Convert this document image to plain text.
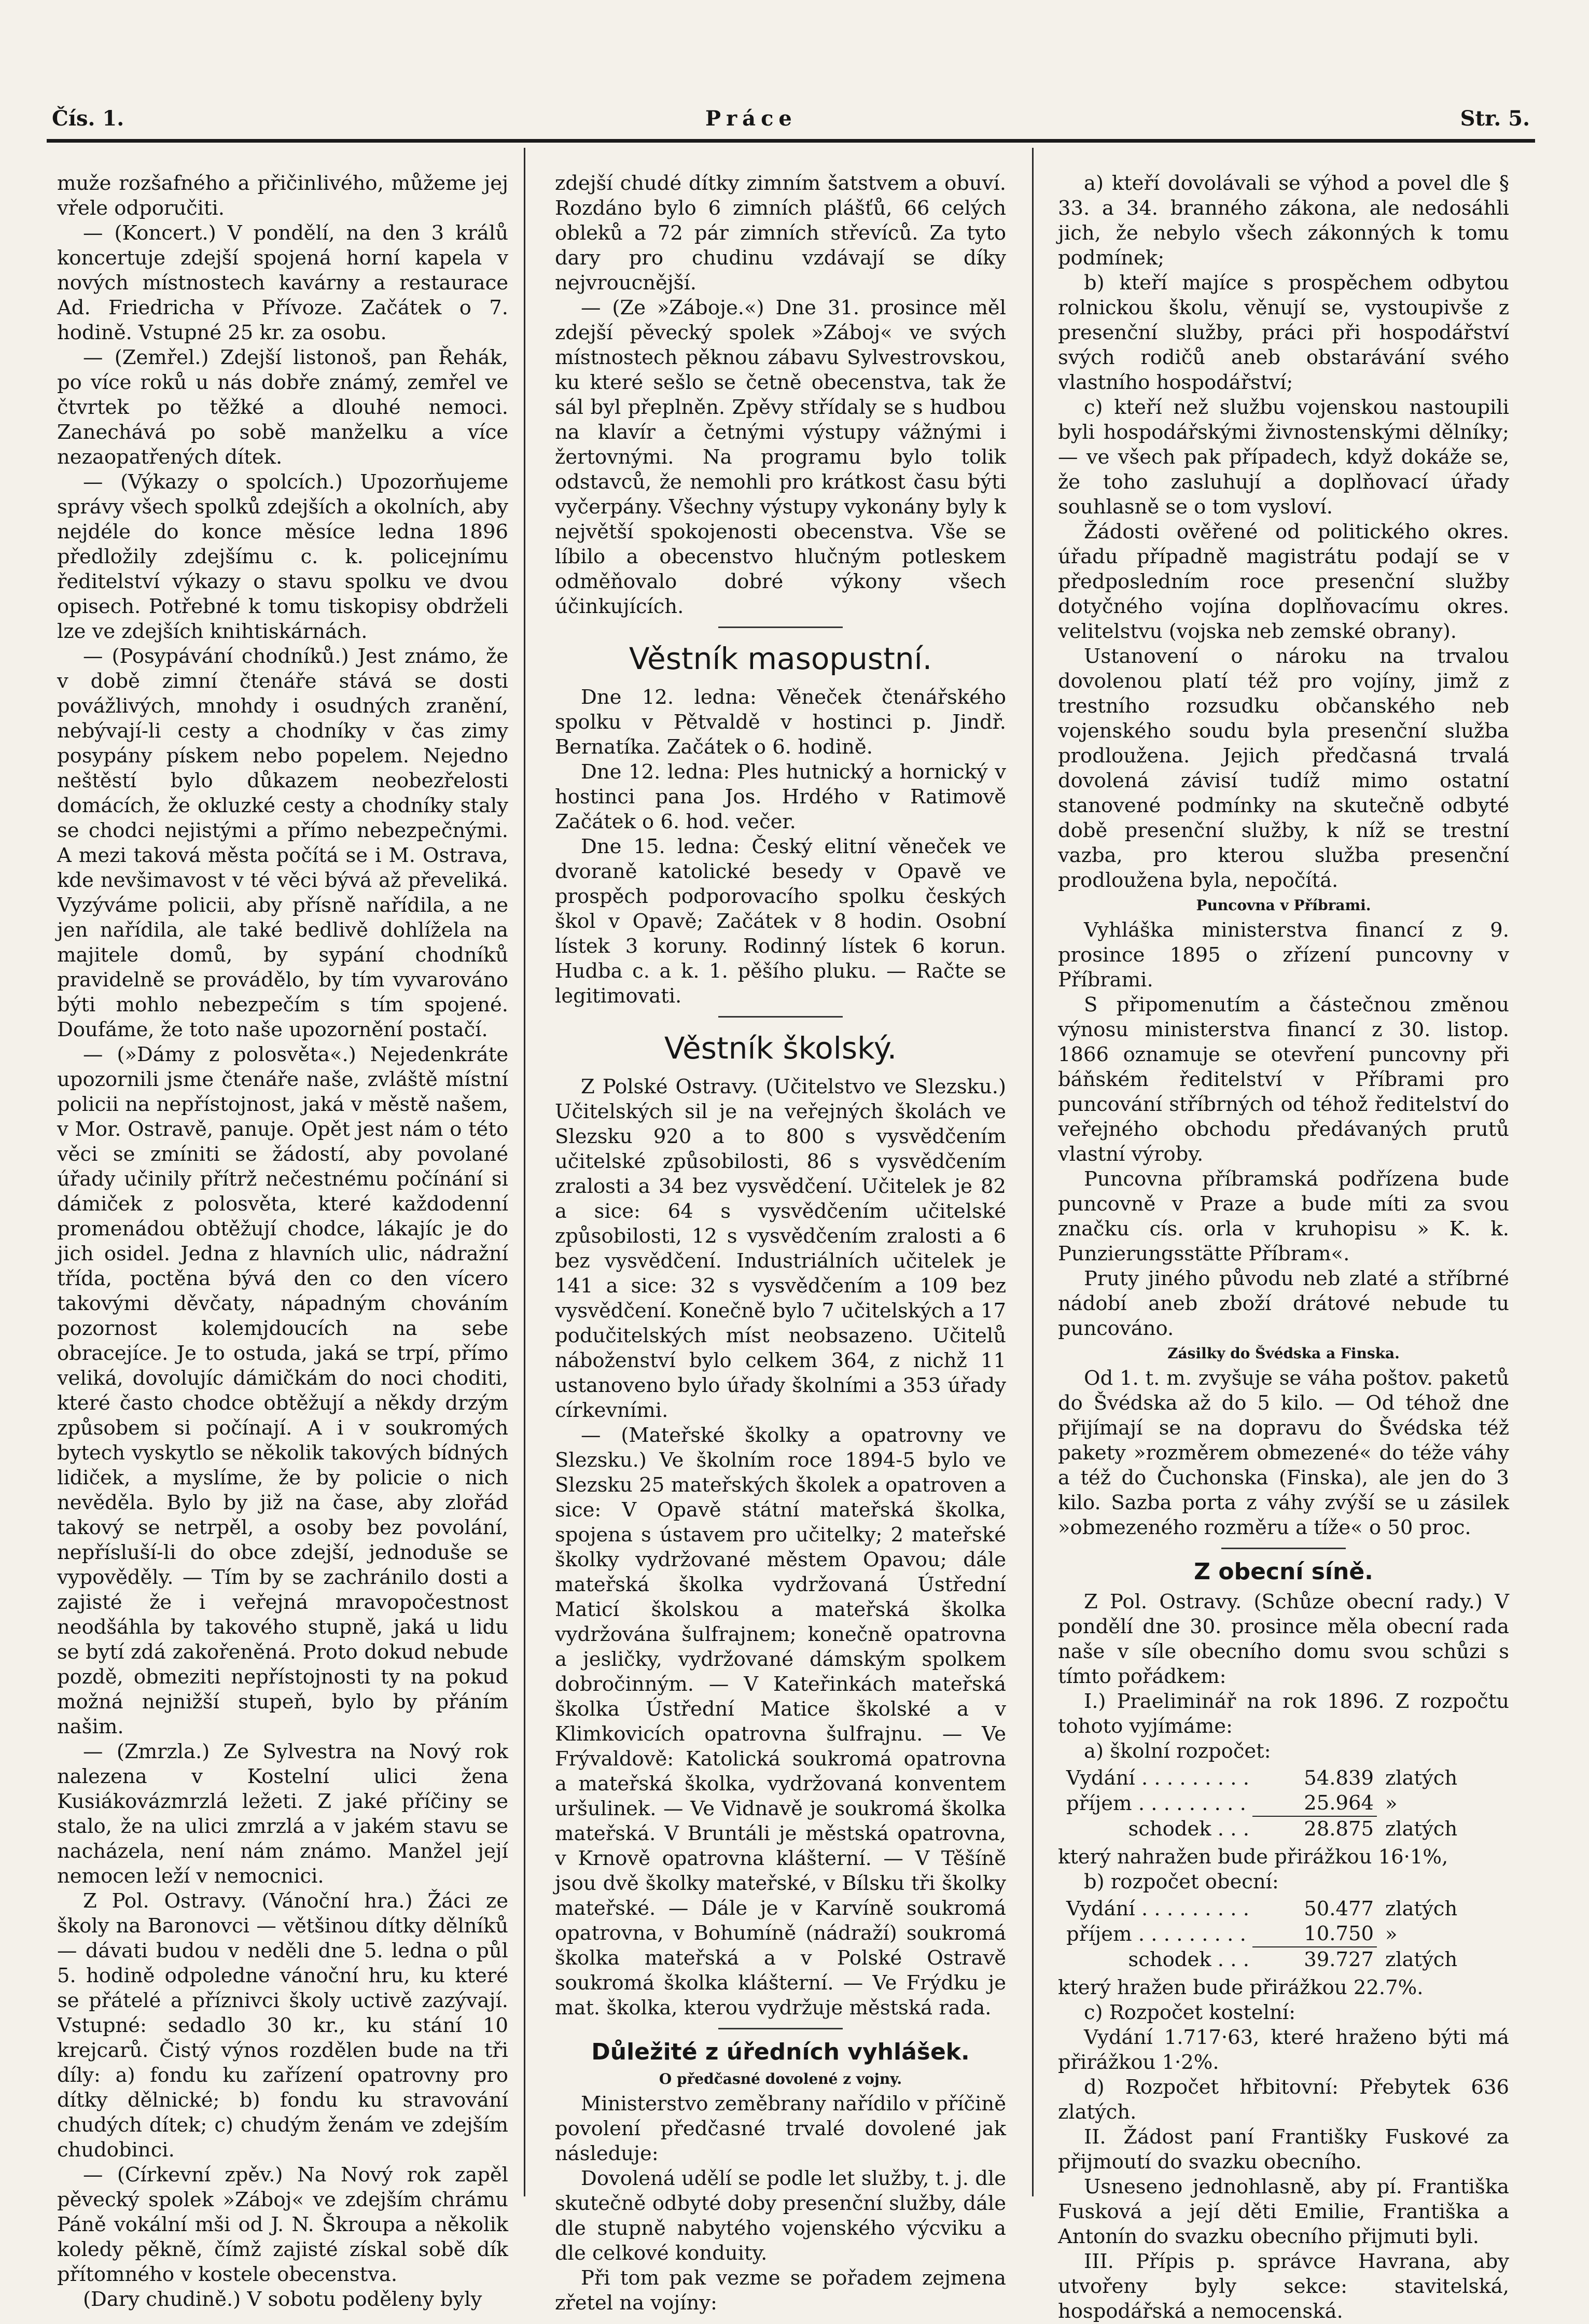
Čís. 1.	Práce	Str. 5.

muže rozšafného a přičinlivého, můžeme jej vřele odporučiti.

— (Koncert.) V pondělí, na den 3 králů koncertuje zdejší spojená horní kapela v nových místnostech kavárny a restaurace Ad. Friedricha v Přívoze. Začátek o 7. hodině. Vstupné 25 kr. za osobu.

— (Zemřel.) Zdejší listonoš, pan Řehák, po více roků u nás dobře známý, zemřel ve čtvrtek po těžké a dlouhé nemoci. Zanechává po sobě manželku a více nezaopatřených dítek.

— (Výkazy o spolcích.) Upozorňujeme správy všech spolků zdejších a okolních, aby nejdéle do konce měsíce ledna 1896 předložily zdejšímu c. k. policejnímu ředitelství výkazy o stavu spolku ve dvou opisech. Potřebné k tomu tiskopisy obdrželi lze ve zdejších knihtiskárnách.

— (Posypávání chodníků.) Jest známo, že v době zimní čtenáře stává se dosti povážlivých, mnohdy i osudných zranění, nebývají-li cesty a chodníky v čas zimy posypány pískem nebo popelem. Nejedno neštěstí bylo důkazem neobezřelosti domácích, že okluzké cesty a chodníky staly se chodci nejistými a přímo nebezpečnými. A mezi taková města počítá se i M. Ostrava, kde nevšimavost v té věci bývá až převeliká. Vyzýváme policii, aby přísně nařídila, a ne jen nařídila, ale také bedlivě dohlížela na majitele domů, by sypání chodníků pravidelně se provádělo, by tím vyvarováno býti mohlo nebezpečím s tím spojené. Doufáme, že toto naše upozornění postačí.

— (»Dámy z polosvěta«.) Nejedenkráte upozornili jsme čtenáře naše, zvláště místní policii na nepřístojnost, jaká v městě našem, v Mor. Ostravě, panuje. Opět jest nám o této věci se zmíniti se žádostí, aby povolané úřady učinily přítrž nečestnému počínání si dámiček z polosvěta, které každodenní promenádou obtěžují chodce, lákajíc je do jich osidel. Jedna z hlavních ulic, nádražní třída, poctěna bývá den co den vícero takovými děvčaty, nápadným chováním pozornost kolemjdoucích na sebe obracejíce. Je to ostuda, jaká se trpí, přímo veliká, dovolujíc dámičkám do noci choditi, které často chodce obtěžují a někdy drzým způsobem si počínají. A i v soukromých bytech vyskytlo se několik takových bídných lidiček, a myslíme, že by policie o nich nevěděla. Bylo by již na čase, aby zlořád takový se netrpěl, a osoby bez povolání, nepřísluší-li do obce zdejší, jednoduše se vypověděly. — Tím by se zachránilo dosti a zajisté že i veřejná mravopočestnost neodšáhla by takového stupně, jaká u lidu se bytí zdá zakořeněná. Proto dokud nebude pozdě, obmeziti nepřístojnosti ty na pokud možná nejnižší stupeň, bylo by přáním našim.

— (Zmrzla.) Ze Sylvestra na Nový rok nalezena v Kostelní ulici žena Kusiákovázmrzlá ležeti. Z jaké příčiny se stalo, že na ulici zmrzlá a v jakém stavu se nacházela, není nám známo. Manžel její nemocen leží v nemocnici.

Z Pol. Ostravy. (Vánoční hra.) Žáci ze školy na Baronovci — většinou dítky dělníků — dávati budou v neděli dne 5. ledna o půl 5. hodině odpoledne vánoční hru, ku které se přátelé a příznivci školy uctivě zazývají. Vstupné: sedadlo 30 kr., ku stání 10 krejcarů. Čistý výnos rozdělen bude na tři díly: a) fondu ku zařízení opatrovny pro dítky dělnické; b) fondu ku stravování chudých dítek; c) chudým ženám ve zdejším chudobinci.

— (Církevní zpěv.) Na Nový rok zapěl pěvecký spolek »Záboj« ve zdejším chrámu Páně vokální mši od J. N. Škroupa a několik koledy pěkně, čímž zajisté získal sobě dík přítomného v kostele obecenstva.

(Dary chudině.) V sobotu poděleny byly

zdejší chudé dítky zimním šatstvem a obuví. Rozdáno bylo 6 zimních plášťů, 66 celých obleků a 72 pár zimních střevíců. Za tyto dary pro chudinu vzdávají se díky nejvroucnější.

— (Ze »Záboje.«) Dne 31. prosince měl zdejší pěvecký spolek »Záboj« ve svých místnostech pěknou zábavu Sylvestrovskou, ku které sešlo se četně obecenstva, tak že sál byl přeplněn. Zpěvy střídaly se s hudbou na klavír a četnými výstupy vážnými i žertovnými. Na programu bylo tolik odstavců, že nemohli pro krátkost času býti vyčerpány. Všechny výstupy vykonány byly k největší spokojenosti obecenstva. Vše se líbilo a obecenstvo hlučným potleskem odměňovalo dobré výkony všech účinkujících.

Věstník masopustní.

Dne 12. ledna: Věneček čtenářského spolku v Pětvaldě v hostinci p. Jindř. Bernatíka. Začátek o 6. hodině.

Dne 12. ledna: Ples hutnický a hornický v hostinci pana Jos. Hrdého v Ratimově Začátek o 6. hod. večer.

Dne 15. ledna: Český elitní věneček ve dvoraně katolické besedy v Opavě ve prospěch podporovacího spolku českých škol v Opavě; Začátek v 8 hodin. Osobní lístek 3 koruny. Rodinný lístek 6 korun. Hudba c. a k. 1. pěšího pluku. — Račte se legitimovati.

Věstník školský.

Z Polské Ostravy. (Učitelstvo ve Slezsku.) Učitelských sil je na veřejných školách ve Slezsku 920 a to 800 s vysvědčením učitelské způsobilosti, 86 s vysvědčením zralosti a 34 bez vysvědčení. Učitelek je 82 a sice: 64 s vysvědčením učitelské způsobilosti, 12 s vysvědčením zralosti a 6 bez vysvědčení. Industriálních učitelek je 141 a sice: 32 s vysvědčením a 109 bez vysvědčení. Konečně bylo 7 učitelských a 17 podučitelských míst neobsazeno. Učitelů náboženství bylo celkem 364, z nichž 11 ustanoveno bylo úřady školními a 353 úřady církevními.

— (Mateřské školky a opatrovny ve Slezsku.) Ve školním roce 1894-5 bylo ve Slezsku 25 mateřských školek a opatroven a sice: V Opavě státní mateřská školka, spojena s ústavem pro učitelky; 2 mateřské školky vydržované městem Opavou; dále mateřská školka vydržovaná Ústřední Maticí školskou a mateřská školka vydržována šulfrajnem; konečně opatrovna a jesličky, vydržované dámským spolkem dobročinným. — V Kateřinkách mateřská školka Ústřední Matice školské a v Klimkovicích opatrovna šulfrajnu. — Ve Frývaldově: Katolická soukromá opatrovna a mateřská školka, vydržovaná konventem uršulinek. — Ve Vidnavě je soukromá školka mateřská. V Bruntáli je městská opatrovna, v Krnově opatrovna klášterní. — V Těšíně jsou dvě školky mateřské, v Bílsku tři školky mateřské. — Dále je v Karvíně soukromá opatrovna, v Bohumíně (nádraží) soukromá školka mateřská a v Polské Ostravě soukromá školka klášterní. — Ve Frýdku je mat. školka, kterou vydržuje městská rada.

Důležité z úředních vyhlášek.
O předčasné dovolené z vojny.

Ministerstvo zeměbrany nařídilo v příčině povolení předčasné trvalé dovolené jak následuje:

Dovolená udělí se podle let služby, t. j. dle skutečně odbyté doby presenční služby, dále dle stupně nabytého vojenského výcviku a dle celkové konduity.

Při tom pak vezme se pořadem zejmena zřetel na vojíny:

a) kteří dovolávali se výhod a povel dle § 33. a 34. branného zákona, ale nedosáhli jich, že nebylo všech zákonných k tomu podmínek;

b) kteří majíce s prospěchem odbytou rolnickou školu, věnují se, vystoupivše z presenční služby, práci při hospodářství svých rodičů aneb obstarávání svého vlastního hospodářství;

c) kteří než službu vojenskou nastoupili byli hospodářskými živnostenskými dělníky; — ve všech pak případech, když dokáže se, že toho zasluhují a doplňovací úřady souhlasně se o tom vysloví.

Žádosti ověřené od politického okres. úřadu případně magistrátu podají se v předposledním roce presenční služby dotyčného vojína doplňovacímu okres. velitelstvu (vojska neb zemské obrany).

Ustanovení o nároku na trvalou dovolenou platí též pro vojíny, jimž z trestního rozsudku občanského neb vojenského soudu byla presenční služba prodloužena. Jejich předčasná trvalá dovolená závisí tudíž mimo ostatní stanovené podmínky na skutečně odbyté době presenční služby, k níž se trestní vazba, pro kterou služba presenční prodloužena byla, nepočítá.

Puncovna v Příbrami.

Vyhláška ministerstva financí z 9. prosince 1895 o zřízení puncovny v Příbrami.

S připomenutím a částečnou změnou výnosu ministerstva financí z 30. listop. 1866 oznamuje se otevření puncovny při báňském ředitelství v Příbrami pro puncování stříbrných od téhož ředitelství do veřejného obchodu předávaných prutů vlastní výroby.

Puncovna příbramská podřízena bude puncovně v Praze a bude míti za svou značku cís. orla v kruhopisu » K. k. Punzierungsstätte Příbram«.

Pruty jiného původu neb zlaté a stříbrné nádobí aneb zboží drátové nebude tu puncováno.

Zásilky do Švédska a Finska.

Od 1. t. m. zvyšuje se váha poštov. paketů do Švédska až do 5 kilo. — Od téhož dne přijímají se na dopravu do Švédska též pakety »rozměrem obmezené« do téže váhy a též do Čuchonska (Finska), ale jen do 3 kilo. Sazba porta z váhy zvýší se u zásilek »obmezeného rozměru a tíže« o 50 proc.

Z obecní síně.

Z Pol. Ostravy. (Schůze obecní rady.) V pondělí dne 30. prosince měla obecní rada naše v síle obecního domu svou schůzi s tímto pořádkem:

I.) Praeliminář na rok 1896. Z rozpočtu tohoto vyjímáme:

a) školní rozpočet:

Vydání . . . . . . . . .	54.839	zlatých
příjem . . . . . . . . .	25.964	»
schodek . . .	28.875	zlatých

který nahražen bude přirážkou 16·1%,

b) rozpočet obecní:

Vydání . . . . . . . . .	50.477	zlatých
příjem . . . . . . . . .	10.750	»
schodek . . .	39.727	zlatých

který hražen bude přirážkou 22.7%.

c) Rozpočet kostelní:

Vydání 1.717·63, které hraženo býti má přirážkou 1·2%.

d) Rozpočet hřbitovní: Přebytek 636 zlatých.

II. Žádost paní Františky Fuskové za přijmoutí do svazku obecního.

Usneseno jednohlasně, aby pí. Františka Fusková a její děti Emilie, Františka a Antonín do svazku obecního přijmuti byli.

III. Přípis p. správce Havrana, aby utvořeny byly sekce: stavitelská, hospodářská a nemocenská.
